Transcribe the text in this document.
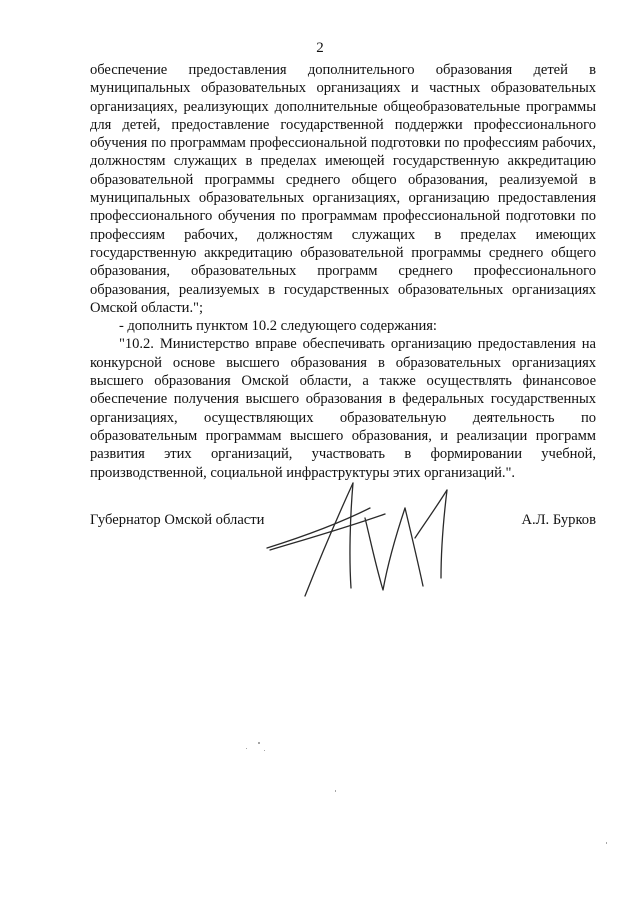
2

обеспечение предоставления дополнительного образования детей в муниципальных образовательных организациях и частных образовательных организациях, реализующих дополнительные общеобразовательные программы для детей, предоставление государственной поддержки профессионального обучения по программам профессиональной подготовки по профессиям рабочих, должностям служащих в пределах имеющей государственную аккредитацию образовательной программы среднего общего образования, реализуемой в муниципальных образовательных организациях, организацию предоставления профессионального обучения по программам профессиональной подготовки по профессиям рабочих, должностям служащих в пределах имеющих государственную аккредитацию образовательной программы среднего общего образования, образовательных программ среднего профессионального образования, реализуемых в государственных образовательных организациях Омской области.";

- дополнить пунктом 10.2 следующего содержания:

"10.2. Министерство вправе обеспечивать организацию предоставления на конкурсной основе высшего образования в образовательных организациях высшего образования Омской области, а также осуществлять финансовое обеспечение получения высшего образования в федеральных государственных организациях, осуществляющих образовательную деятельность по образовательным программам высшего образования, и реализации программ развития этих организаций, участвовать в формировании учебной, производственной, социальной инфраструктуры этих организаций.".

Губернатор Омской области	А.Л. Бурков
